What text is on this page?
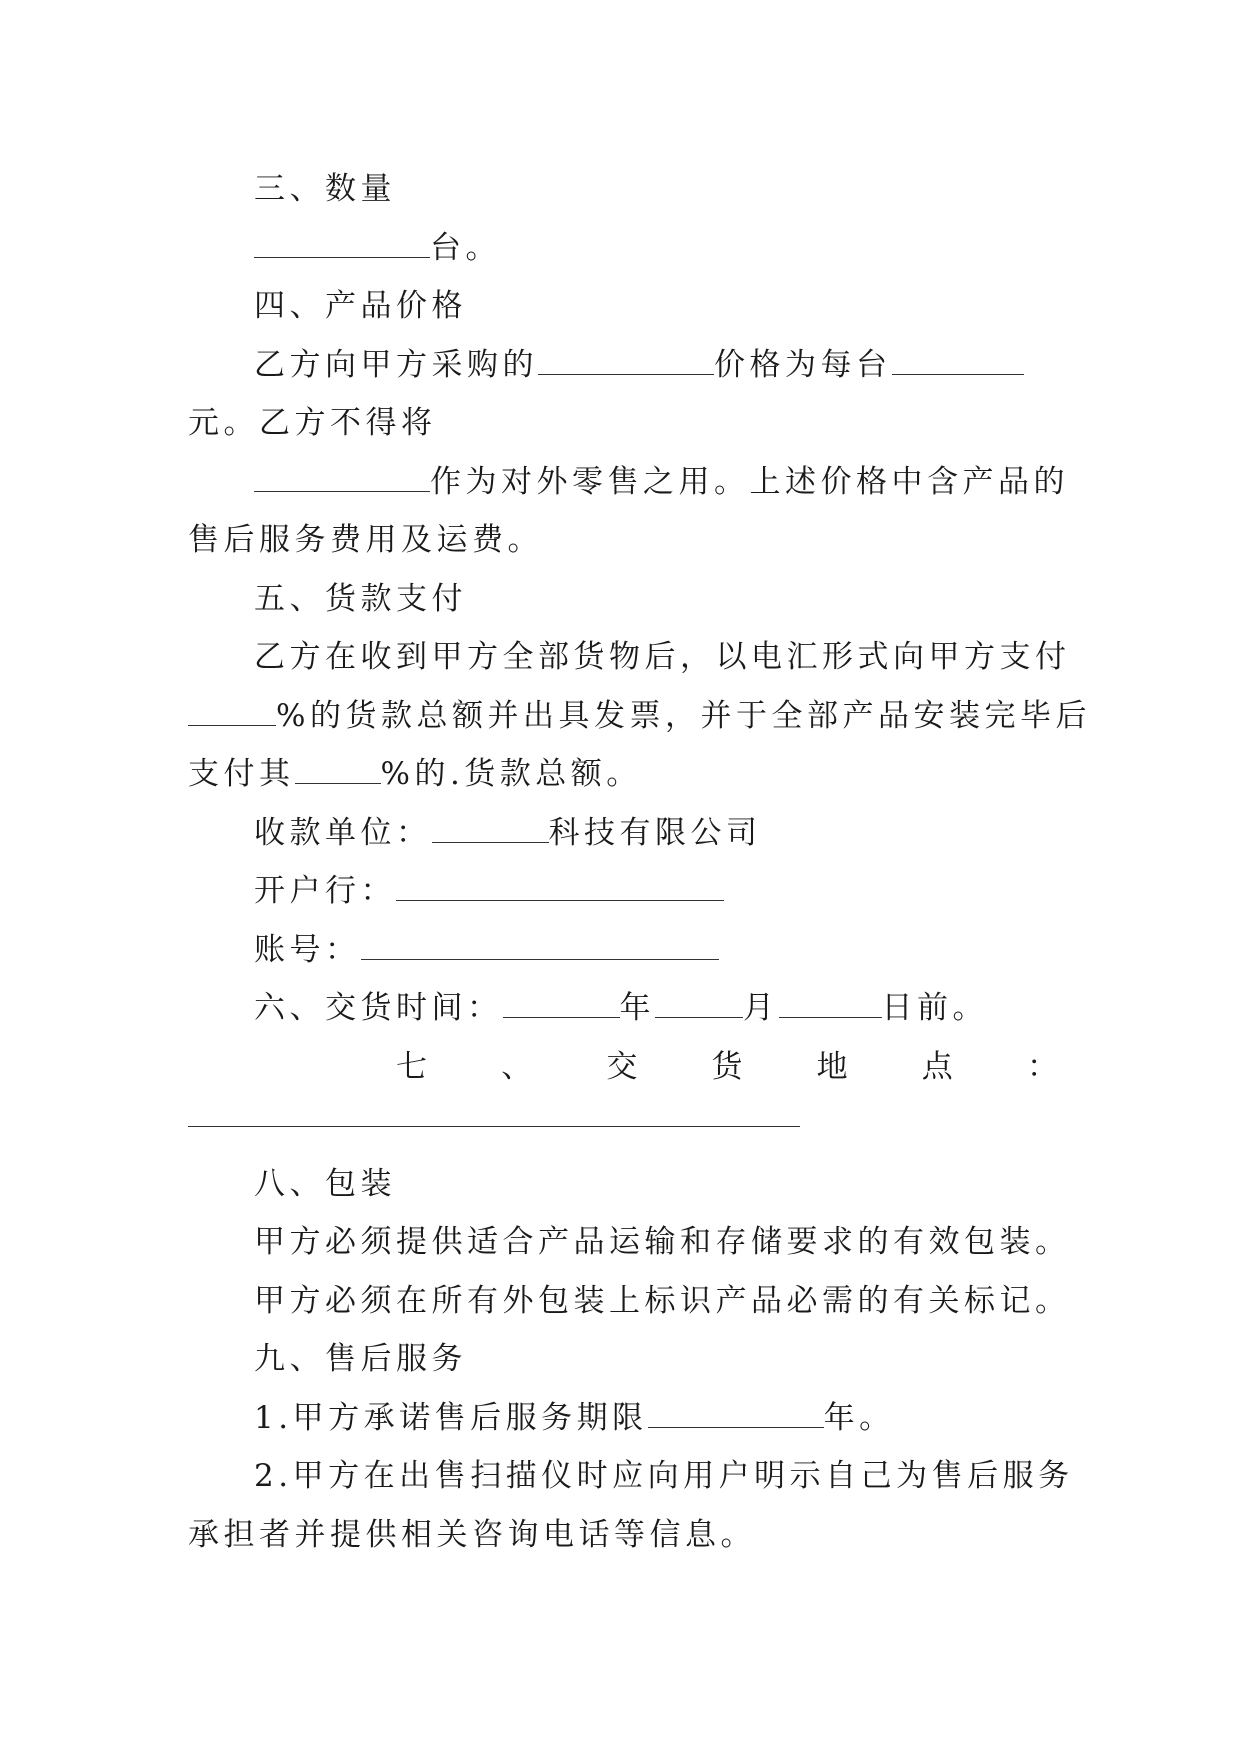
三、数量
台。
四、产品价格
乙方向甲方采购的	价格为每台
元。乙方不得将
作为对外零售之用。上述价格中含产品的
售后服务费用及运费。
五、货款支付
乙方在收到甲方全部货物后，以电汇形式向甲方支付
%的货款总额并出具发票，并于全部产品安装完毕后
支付其	%的.货款总额。
收款单位：	科技有限公司
开户行：
账号：
六、交货时间：	年	月	日前。
七 、 交 货 地 点 ：
八、包装
甲方必须提供适合产品运输和存储要求的有效包装。
甲方必须在所有外包装上标识产品必需的有关标记。
九、售后服务
1.甲方承诺售后服务期限	年。
2.甲方在出售扫描仪时应向用户明示自己为售后服务
承担者并提供相关咨询电话等信息。
